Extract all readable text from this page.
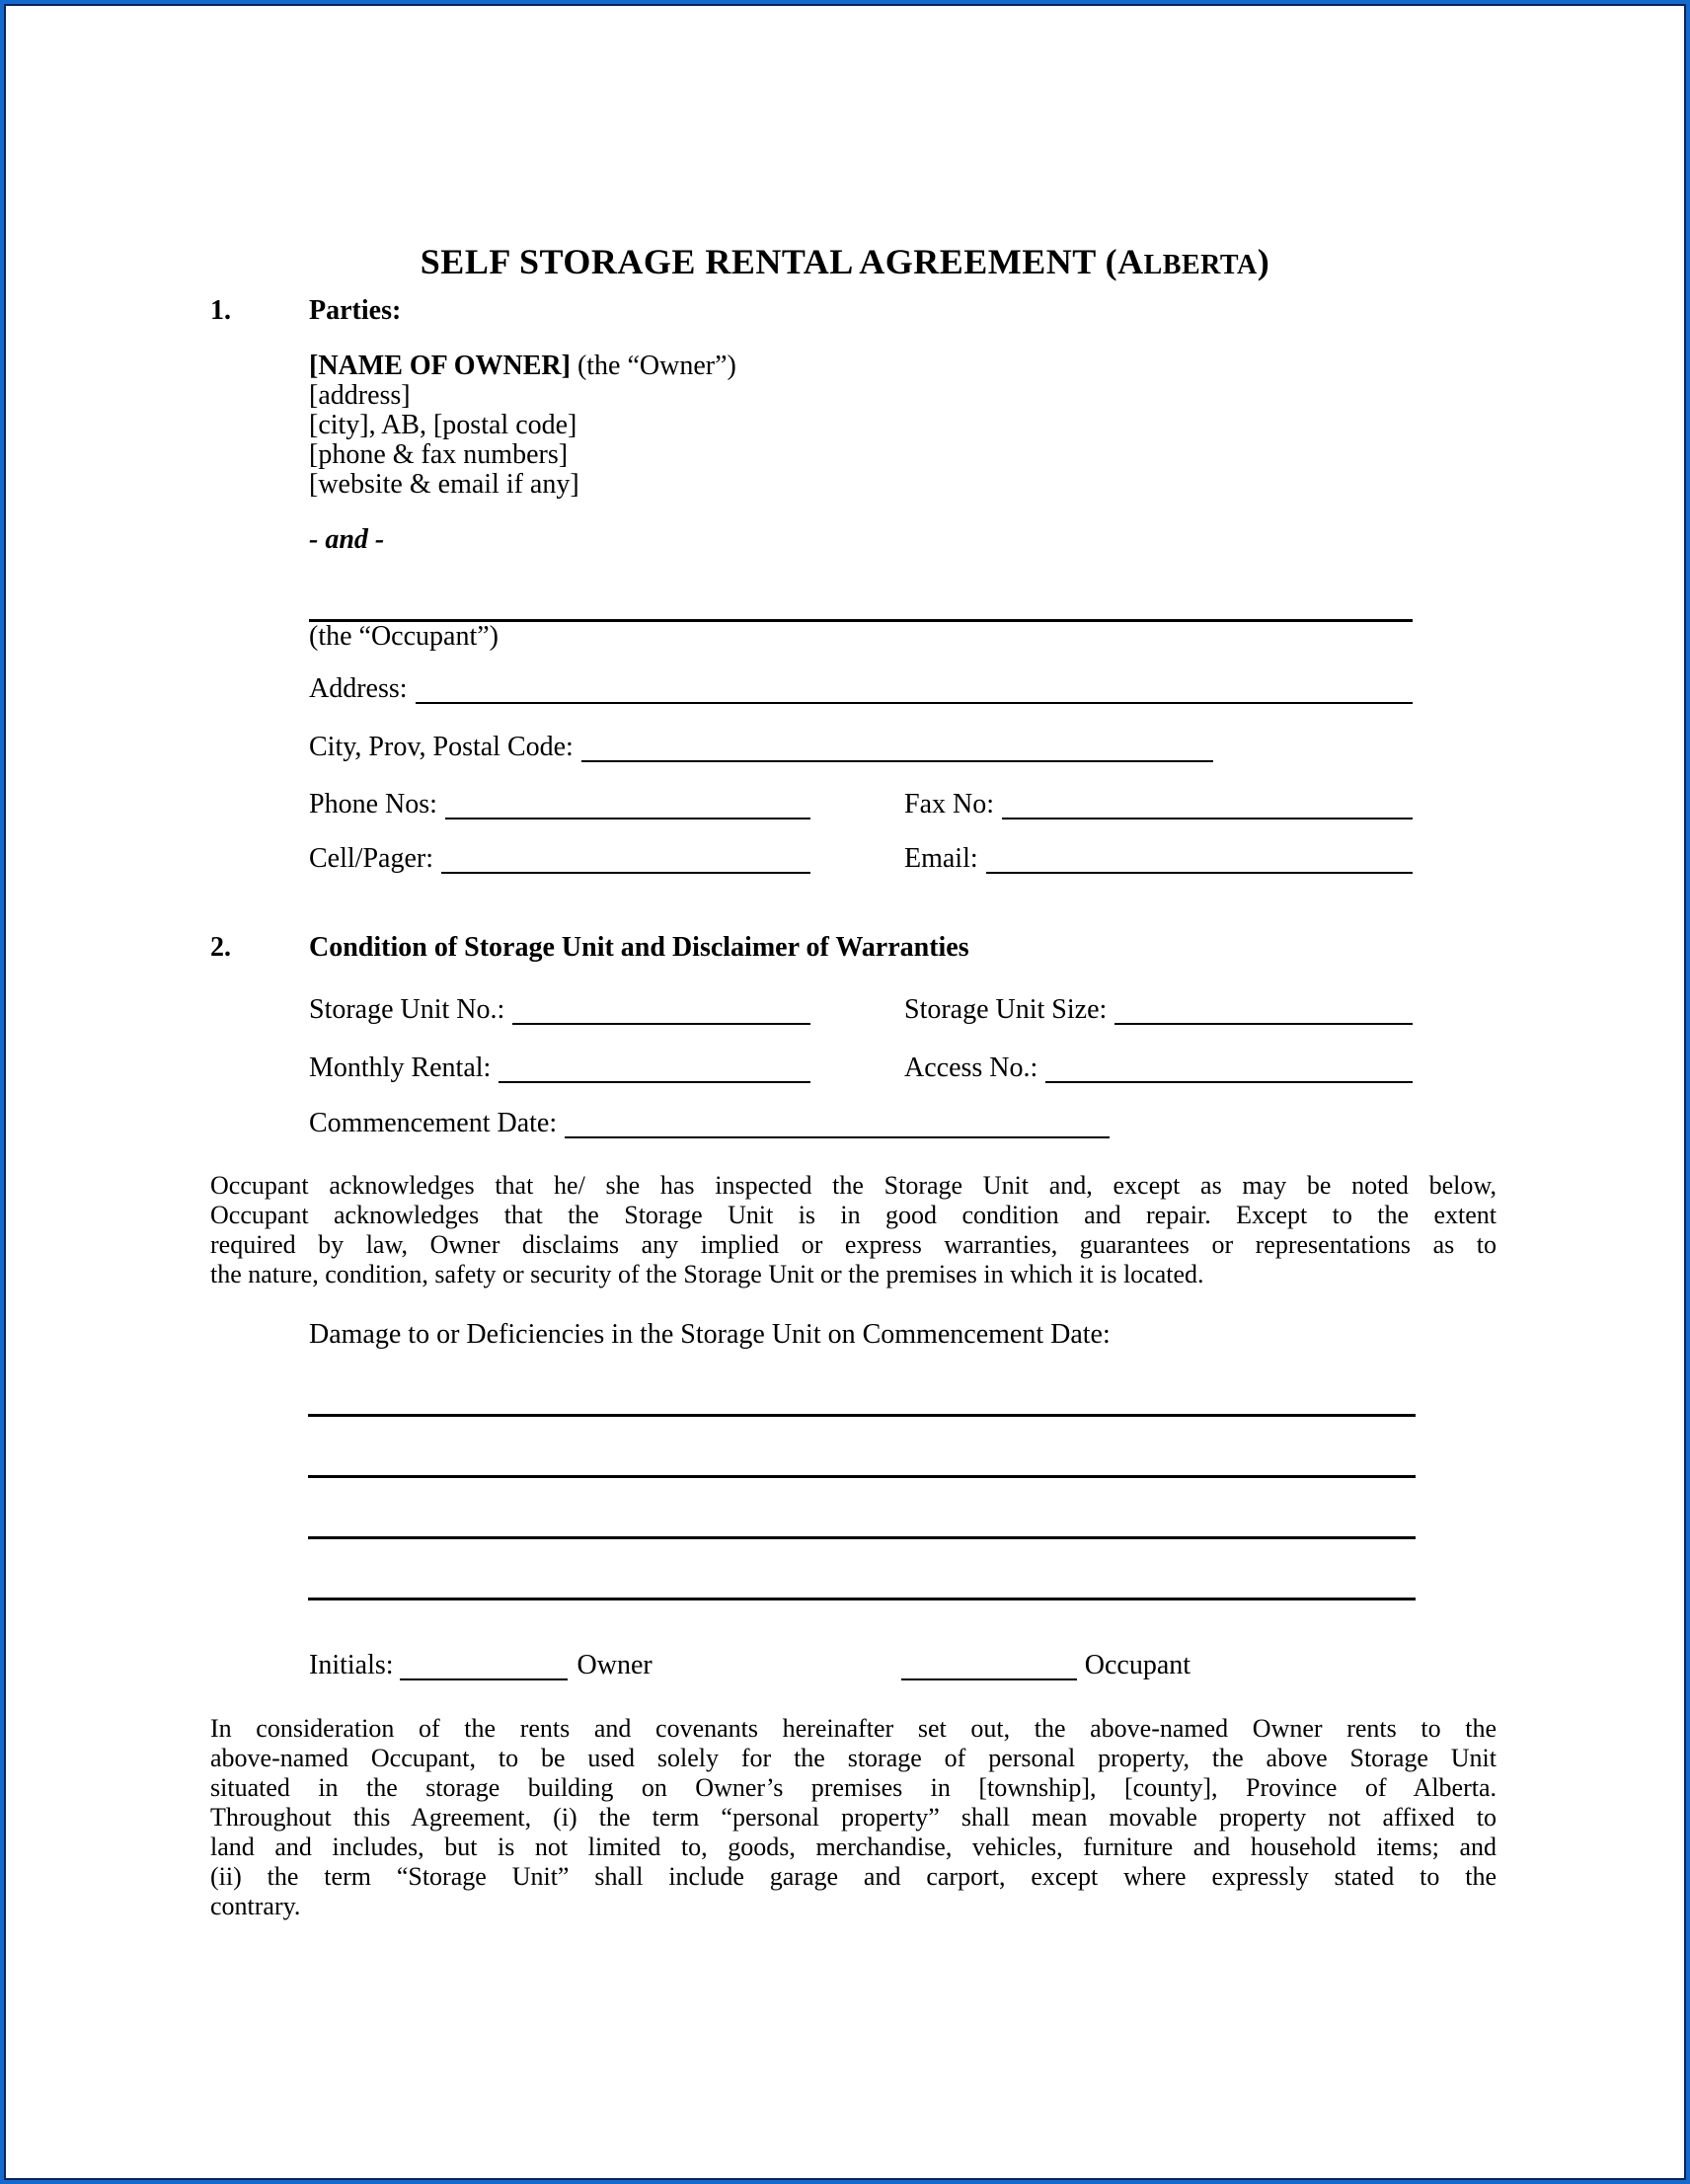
SELF STORAGE RENTAL AGREEMENT (ALBERTA)
1.	Parties:
[NAME OF OWNER] (the “Owner”)
[address]
[city], AB, [postal code]
[phone & fax numbers]
[website & email if any]
- and -
(the “Occupant”)
Address:
City, Prov, Postal Code:
Phone Nos:	Fax No:
Cell/Pager:	Email:
2.	Condition of Storage Unit and Disclaimer of Warranties
Storage Unit No.:	Storage Unit Size:
Monthly Rental:	Access No.:
Commencement Date:
Occupant acknowledges that he/ she has inspected the Storage Unit and, except as may be noted below,
Occupant acknowledges that the Storage Unit is in good condition and repair. Except to the extent
required by law, Owner disclaims any implied or express warranties, guarantees or representations as to
the nature, condition, safety or security of the Storage Unit or the premises in which it is located.
Damage to or Deficiencies in the Storage Unit on Commencement Date:
Initials:	Owner	Occupant
In consideration of the rents and covenants hereinafter set out, the above-named Owner rents to the
above-named Occupant, to be used solely for the storage of personal property, the above Storage Unit
situated in the storage building on Owner’s premises in [township], [county], Province of Alberta.
Throughout this Agreement, (i) the term “personal property” shall mean movable property not affixed to
land and includes, but is not limited to, goods, merchandise, vehicles, furniture and household items; and
(ii) the term “Storage Unit” shall include garage and carport, except where expressly stated to the
contrary.
